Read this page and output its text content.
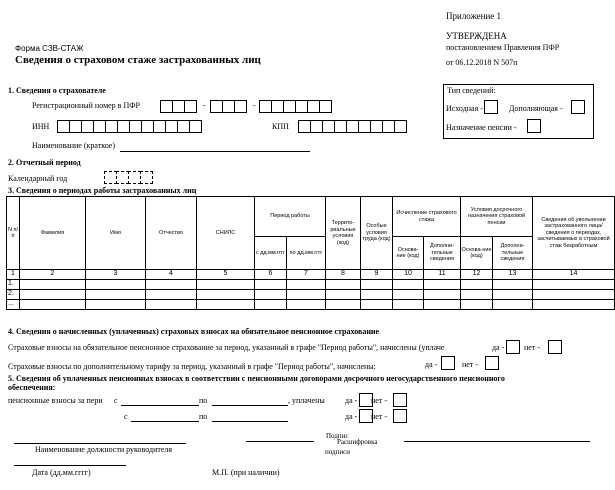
Приложение 1
УТВЕРЖДЕНА
постановлением Правления ПФР
от 06.12.2018 N 507п
Форма СЗВ-СТАЖ
Сведения о страховом стаже застрахованных лиц
1. Сведения о страхователе
Регистрационный номер в ПФР	-	-
ИНН	КПП
Наименование (краткое)
Тип сведений:
Исходная -	Дополняющая -
Назначение пенсии -
2. Отчетный период
Календарный год
3. Сведения о периодах работы застрахованных лиц
N п/п	Фамилия	Имя	Отчество	СНИЛС	Период работы		Террито-риальные условия (код)	Особые условия труда (код)	Исчисление страхового стажа		Условия досрочного назначения страховой пенсии		Сведения об увольнении застрахованного лица/сведения о периодах, засчитываемых в страховой стаж безработным
					с дд.мм.гггг	по дд.мм.гггг			Основа-ние (код)	Дополни-тельные сведения	Основа-ние (код)	Дополни-тельные сведения	
1	2	3	4	5	6	7	8	9	10	11	12	13	14
1.													
2.													
...													
4. Сведения о начисленных (уплаченных) страховых взносах на обязательное пенсионное страхование
Страховые взносы на обязательное пенсионное страхование за период, указанный в графе "Период работы", начислены (уплаче	да - нет -
Страховые взносы по дополнительному тарифу за период, указанный в графе "Период работы", начислены:	да -	нет -
5. Сведения об уплаченных пенсионных взносах в соответствии с пенсионными договорами досрочного негосударственного пенсионного
обеспечения:
пенсионные взносы за пери с	по	, уплачены	да - нет -
с	по	да - нет -
Наименование должности руководителя
Подпис
Расшифровка
подписи
Дата (дд.мм.гггг)	М.П. (при наличии)
